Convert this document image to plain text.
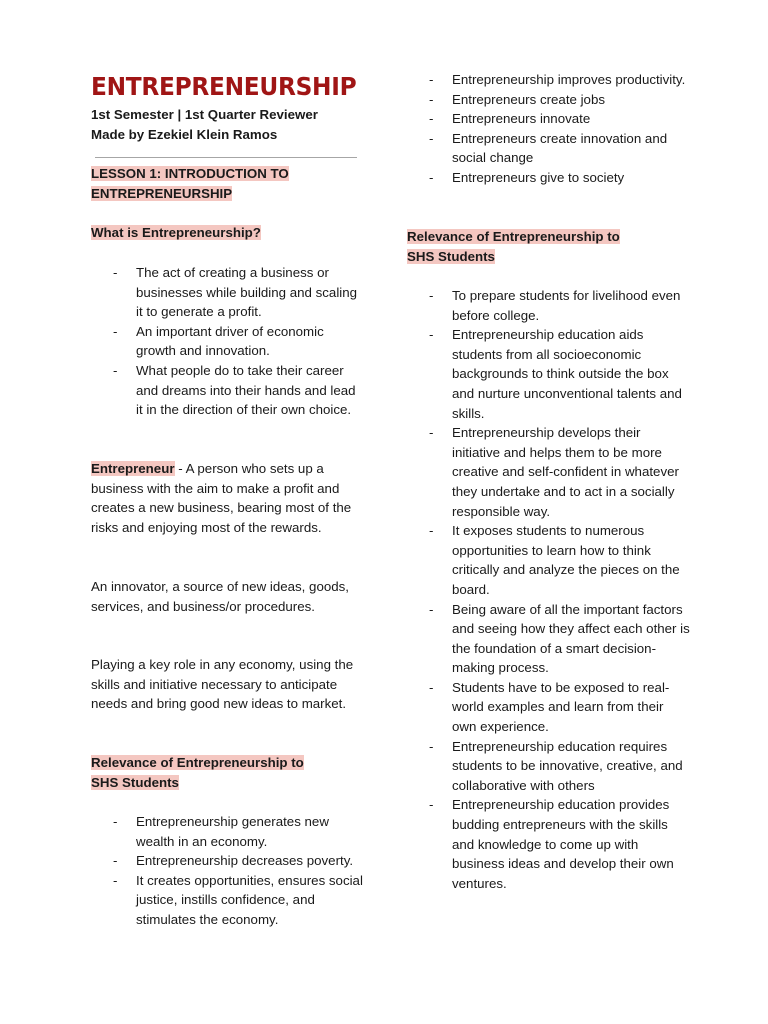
ENTREPRENEURSHIP
1st Semester | 1st Quarter Reviewer
Made by Ezekiel Klein Ramos
LESSON 1: INTRODUCTION TO
ENTREPRENEURSHIP
What is Entrepreneurship?
- The act of creating a business or businesses while building and scaling it to generate a profit.
- An important driver of economic growth and innovation.
- What people do to take their career and dreams into their hands and lead it in the direction of their own choice.

Entrepreneur - A person who sets up a business with the aim to make a profit and creates a new business, bearing most of the risks and enjoying most of the rewards.

An innovator, a source of new ideas, goods, services, and business/or procedures.

Playing a key role in any economy, using the skills and initiative necessary to anticipate needs and bring good new ideas to market.

Relevance of Entrepreneurship to
SHS Students
- Entrepreneurship generates new wealth in an economy.
- Entrepreneurship decreases poverty.
- It creates opportunities, ensures social justice, instills confidence, and stimulates the economy.
- Entrepreneurship improves productivity.
- Entrepreneurs create jobs
- Entrepreneurs innovate
- Entrepreneurs create innovation and social change
- Entrepreneurs give to society
Relevance of Entrepreneurship to
SHS Students
- To prepare students for livelihood even before college.
- Entrepreneurship education aids students from all socioeconomic backgrounds to think outside the box and nurture unconventional talents and skills.
- Entrepreneurship develops their initiative and helps them to be more creative and self-confident in whatever they undertake and to act in a socially responsible way.
- It exposes students to numerous opportunities to learn how to think critically and analyze the pieces on the board.
- Being aware of all the important factors and seeing how they affect each other is the foundation of a smart decision-making process.
- Students have to be exposed to real-world examples and learn from their own experience.
- Entrepreneurship education requires students to be innovative, creative, and collaborative with others
- Entrepreneurship education provides budding entrepreneurs with the skills and knowledge to come up with business ideas and develop their own ventures.
